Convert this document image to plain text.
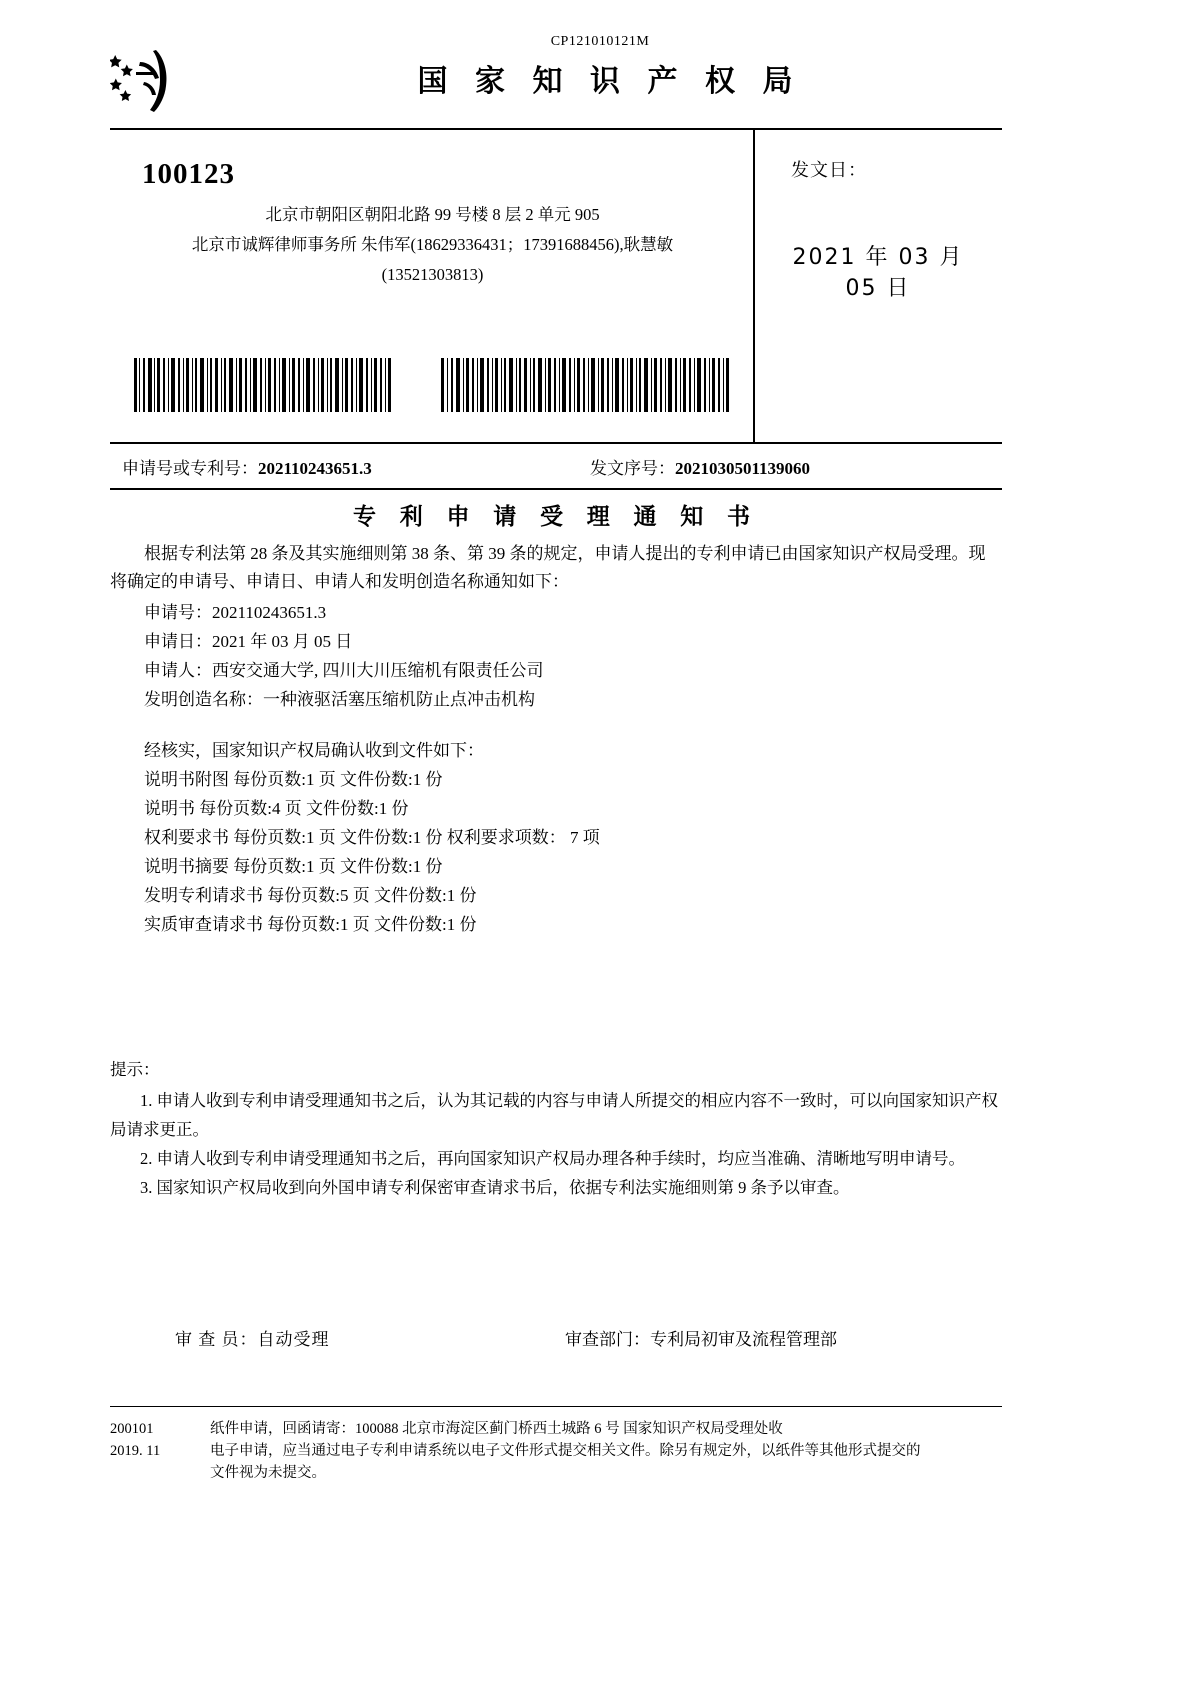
CP121010121M
国 家 知 识 产 权 局
100123
北京市朝阳区朝阳北路 99 号楼 8 层 2 单元 905
北京市诚辉律师事务所 朱伟军(18629336431；17391688456),耿慧敏
(13521303813)
发文日：
2021 年 03 月 05 日
申请号或专利号：202110243651.3	发文序号：2021030501139060
专 利 申 请 受 理 通 知 书

根据专利法第 28 条及其实施细则第 38 条、第 39 条的规定，申请人提出的专利申请已由国家知识产权局受理。现将确定的申请号、申请日、申请人和发明创造名称通知如下：

申请号：202110243651.3
申请日：2021 年 03 月 05 日
申请人：西安交通大学, 四川大川压缩机有限责任公司
发明创造名称：一种液驱活塞压缩机防止点冲击机构
经核实，国家知识产权局确认收到文件如下：
说明书附图 每份页数:1 页 文件份数:1 份
说明书 每份页数:4 页 文件份数:1 份
权利要求书 每份页数:1 页 文件份数:1 份 权利要求项数： 7 项
说明书摘要 每份页数:1 页 文件份数:1 份
发明专利请求书 每份页数:5 页 文件份数:1 份
实质审查请求书 每份页数:1 页 文件份数:1 份

提示：

1. 申请人收到专利申请受理通知书之后，认为其记载的内容与申请人所提交的相应内容不一致时，可以向国家知识产权局请求更正。

2. 申请人收到专利申请受理通知书之后，再向国家知识产权局办理各种手续时，均应当准确、清晰地写明申请号。

3. 国家知识产权局收到向外国申请专利保密审查请求书后，依据专利法实施细则第 9 条予以审查。

审 查 员：自动受理	审查部门：专利局初审及流程管理部
200101	纸件申请，回函请寄：100088 北京市海淀区蓟门桥西土城路 6 号 国家知识产权局受理处收
2019. 11	电子申请，应当通过电子专利申请系统以电子文件形式提交相关文件。除另有规定外，以纸件等其他形式提交的
文件视为未提交。
